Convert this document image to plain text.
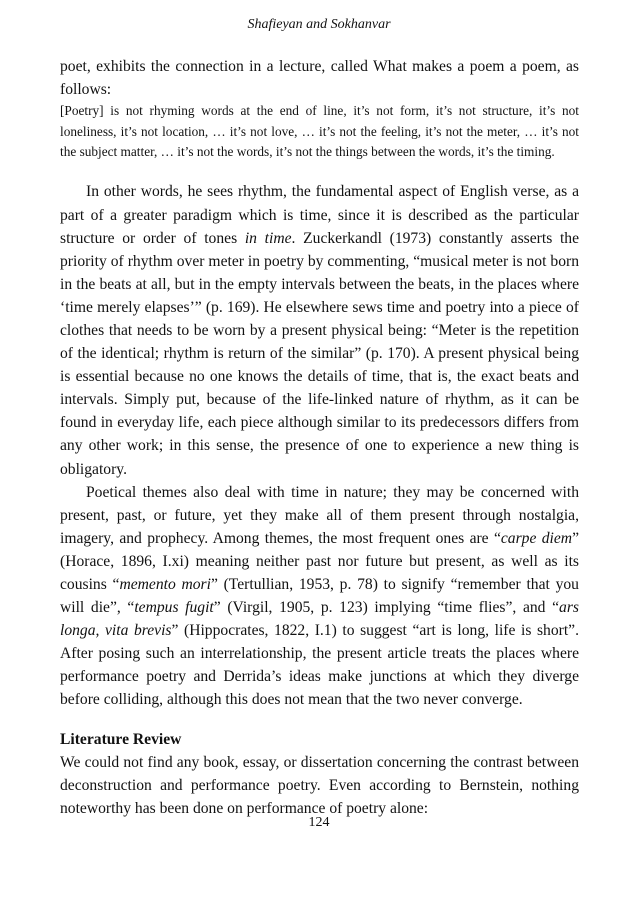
Shafieyan and Sokhanvar

poet, exhibits the connection in a lecture, called What makes a poem a poem, as follows:

[Poetry] is not rhyming words at the end of line, it’s not form, it’s not structure, it’s not loneliness, it’s not location, … it’s not love, … it’s not the feeling, it’s not the meter, … it’s not the subject matter, … it’s not the words, it’s not the things between the words, it’s the timing.

In other words, he sees rhythm, the fundamental aspect of English verse, as a part of a greater paradigm which is time, since it is described as the particular structure or order of tones in time. Zuckerkandl (1973) constantly asserts the priority of rhythm over meter in poetry by commenting, “musical meter is not born in the beats at all, but in the empty intervals between the beats, in the places where ‘time merely elapses’” (p. 169). He elsewhere sews time and poetry into a piece of clothes that needs to be worn by a present physical being: “Meter is the repetition of the identical; rhythm is return of the similar” (p. 170). A present physical being is essential because no one knows the details of time, that is, the exact beats and intervals. Simply put, because of the life-linked nature of rhythm, as it can be found in everyday life, each piece although similar to its predecessors differs from any other work; in this sense, the presence of one to experience a new thing is obligatory.

Poetical themes also deal with time in nature; they may be concerned with present, past, or future, yet they make all of them present through nostalgia, imagery, and prophecy. Among themes, the most frequent ones are “carpe diem” (Horace, 1896, I.xi) meaning neither past nor future but present, as well as its cousins “memento mori” (Tertullian, 1953, p. 78) to signify “remember that you will die”, “tempus fugit” (Virgil, 1905, p. 123) implying “time flies”, and “ars longa, vita brevis” (Hippocrates, 1822, I.1) to suggest “art is long, life is short”. After posing such an interrelationship, the present article treats the places where performance poetry and Derrida’s ideas make junctions at which they diverge before colliding, although this does not mean that the two never converge.

Literature Review

We could not find any book, essay, or dissertation concerning the contrast between deconstruction and performance poetry. Even according to Bernstein, nothing noteworthy has been done on performance of poetry alone:

124
